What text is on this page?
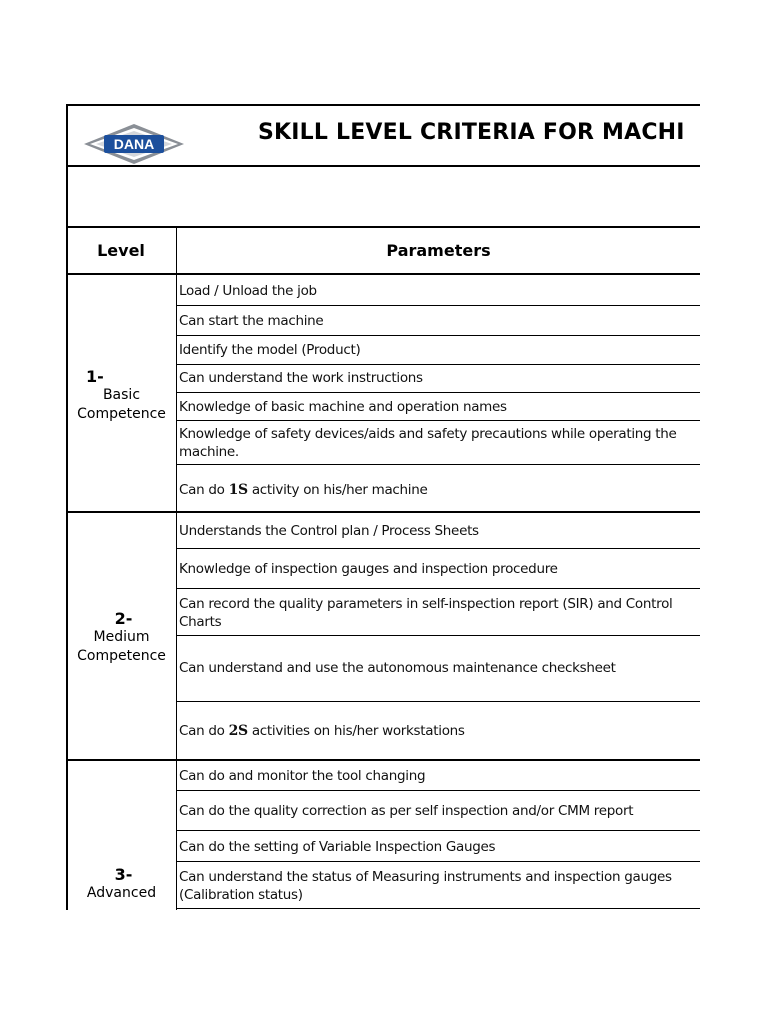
DANA	SKILL LEVEL CRITERIA FOR MACHI
Level	Parameters
1-
Basic
Competence
Load / Unload the job
Can start the machine
Identify the model (Product)
Can understand the work instructions
Knowledge of basic machine and operation names
Knowledge of safety devices/aids and safety precautions while operating the
machine.
Can do 1S activity on his/her machine
2-
Medium
Competence
Understands the Control plan / Process Sheets
Knowledge of inspection gauges and inspection procedure
Can record the quality parameters in self-inspection report (SIR) and Control
Charts
Can understand and use the autonomous maintenance checksheet
Can do 2S activities on his/her workstations
3-
Advanced
Can do and monitor the tool changing
Can do the quality correction as per self inspection and/or CMM report
Can do the setting of Variable Inspection Gauges
Can understand the status of Measuring instruments and inspection gauges
(Calibration status)
